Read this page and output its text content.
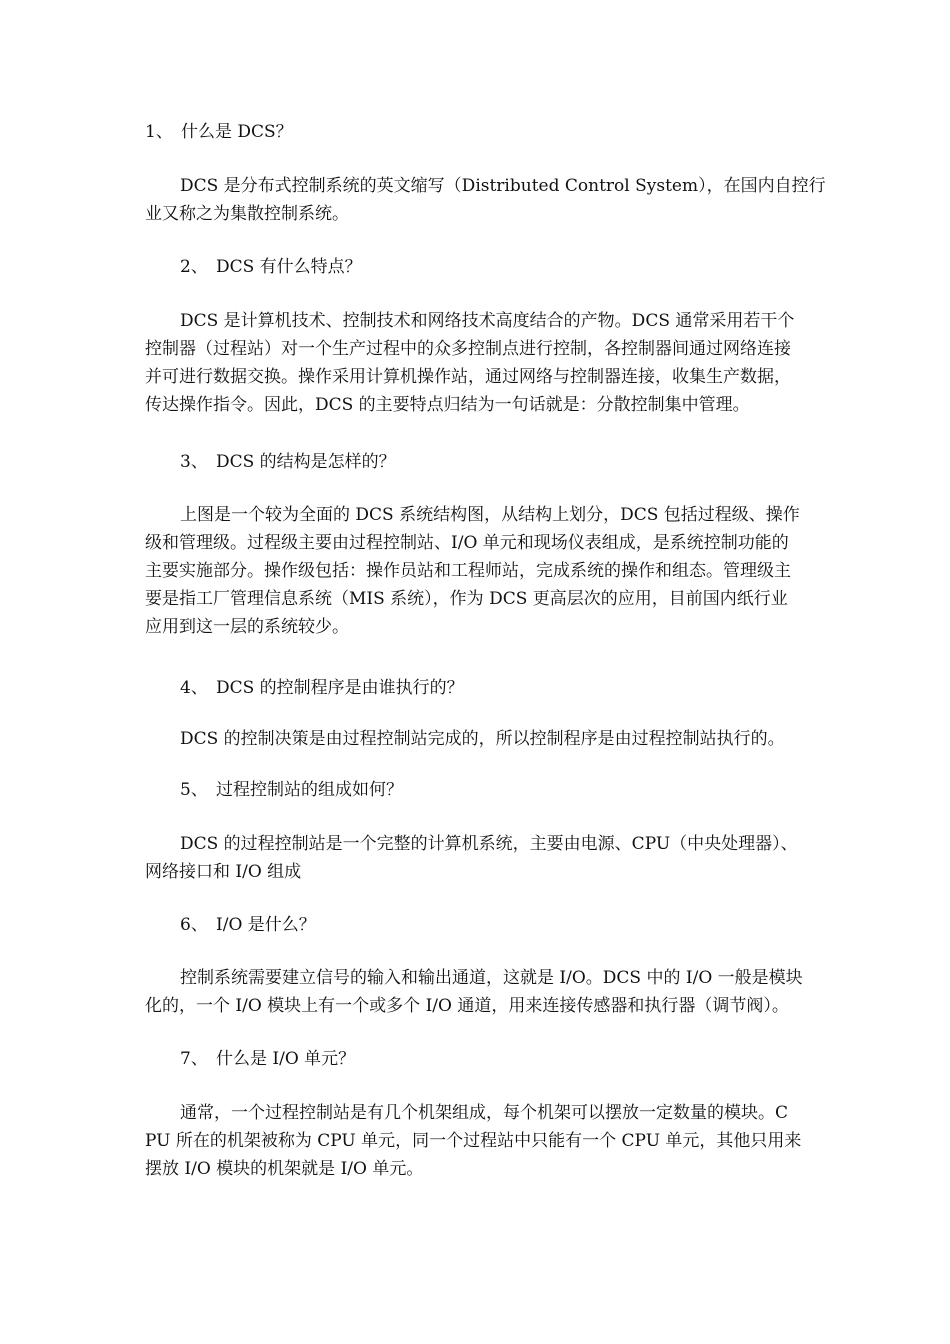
1、 什么是 DCS？
DCS 是分布式控制系统的英文缩写（Distributed Control System），在国内自控行
业又称之为集散控制系统。
2、 DCS 有什么特点？
DCS 是计算机技术、控制技术和网络技术高度结合的产物。DCS 通常采用若干个
控制器（过程站）对一个生产过程中的众多控制点进行控制，各控制器间通过网络连接
并可进行数据交换。操作采用计算机操作站，通过网络与控制器连接，收集生产数据，
传达操作指令。因此，DCS 的主要特点归结为一句话就是：分散控制集中管理。
3、 DCS 的结构是怎样的？
上图是一个较为全面的 DCS 系统结构图，从结构上划分，DCS 包括过程级、操作
级和管理级。过程级主要由过程控制站、I/O 单元和现场仪表组成，是系统控制功能的
主要实施部分。操作级包括：操作员站和工程师站，完成系统的操作和组态。管理级主
要是指工厂管理信息系统（MIS 系统），作为 DCS 更高层次的应用，目前国内纸行业
应用到这一层的系统较少。
4、 DCS 的控制程序是由谁执行的？
DCS 的控制决策是由过程控制站完成的，所以控制程序是由过程控制站执行的。
5、 过程控制站的组成如何？
DCS 的过程控制站是一个完整的计算机系统，主要由电源、CPU（中央处理器）、
网络接口和 I/O 组成
6、 I/O 是什么？
控制系统需要建立信号的输入和输出通道，这就是 I/O。DCS 中的 I/O 一般是模块
化的，一个 I/O 模块上有一个或多个 I/O 通道，用来连接传感器和执行器（调节阀）。
7、 什么是 I/O 单元？
通常，一个过程控制站是有几个机架组成，每个机架可以摆放一定数量的模块。C
PU 所在的机架被称为 CPU 单元，同一个过程站中只能有一个 CPU 单元，其他只用来
摆放 I/O 模块的机架就是 I/O 单元。
